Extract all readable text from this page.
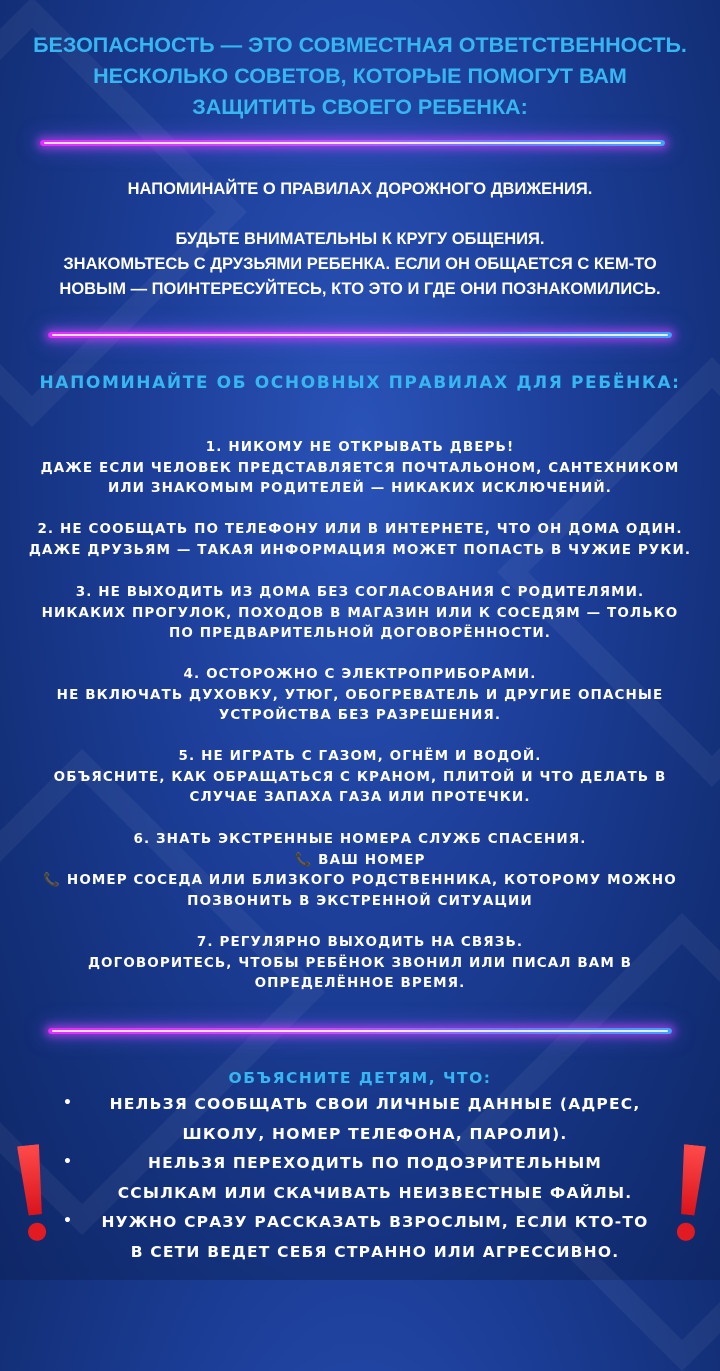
БЕЗОПАСНОСТЬ — ЭТО СОВМЕСТНАЯ ОТВЕТСТВЕННОСТЬ.
НЕСКОЛЬКО СОВЕТОВ, КОТОРЫЕ ПОМОГУТ ВАМ
ЗАЩИТИТЬ СВОЕГО РЕБЕНКА:
НАПОМИНАЙТЕ О ПРАВИЛАХ ДОРОЖНОГО ДВИЖЕНИЯ.
БУДЬТЕ ВНИМАТЕЛЬНЫ К КРУГУ ОБЩЕНИЯ.
ЗНАКОМЬТЕСЬ С ДРУЗЬЯМИ РЕБЕНКА. ЕСЛИ ОН ОБЩАЕТСЯ С КЕМ-ТО
НОВЫМ — ПОИНТЕРЕСУЙТЕСЬ, КТО ЭТО И ГДЕ ОНИ ПОЗНАКОМИЛИСЬ.
НАПОМИНАЙТЕ ОБ ОСНОВНЫХ ПРАВИЛАХ ДЛЯ РЕБЁНКА:
1. НИКОМУ НЕ ОТКРЫВАТЬ ДВЕРЬ!
ДАЖЕ ЕСЛИ ЧЕЛОВЕК ПРЕДСТАВЛЯЕТСЯ ПОЧТАЛЬОНОМ, САНТЕХНИКОМ
ИЛИ ЗНАКОМЫМ РОДИТЕЛЕЙ — НИКАКИХ ИСКЛЮЧЕНИЙ.
2. НЕ СООБЩАТЬ ПО ТЕЛЕФОНУ ИЛИ В ИНТЕРНЕТЕ, ЧТО ОН ДОМА ОДИН.
ДАЖЕ ДРУЗЬЯМ — ТАКАЯ ИНФОРМАЦИЯ МОЖЕТ ПОПАСТЬ В ЧУЖИЕ РУКИ.
3. НЕ ВЫХОДИТЬ ИЗ ДОМА БЕЗ СОГЛАСОВАНИЯ С РОДИТЕЛЯМИ.
НИКАКИХ ПРОГУЛОК, ПОХОДОВ В МАГАЗИН ИЛИ К СОСЕДЯМ — ТОЛЬКО
ПО ПРЕДВАРИТЕЛЬНОЙ ДОГОВОРЁННОСТИ.
4. ОСТОРОЖНО С ЭЛЕКТРОПРИБОРАМИ.
НЕ ВКЛЮЧАТЬ ДУХОВКУ, УТЮГ, ОБОГРЕВАТЕЛЬ И ДРУГИЕ ОПАСНЫЕ
УСТРОЙСТВА БЕЗ РАЗРЕШЕНИЯ.
5. НЕ ИГРАТЬ С ГАЗОМ, ОГНЁМ И ВОДОЙ.
ОБЪЯСНИТЕ, КАК ОБРАЩАТЬСЯ С КРАНОМ, ПЛИТОЙ И ЧТО ДЕЛАТЬ В
СЛУЧАЕ ЗАПАХА ГАЗА ИЛИ ПРОТЕЧКИ.
6. ЗНАТЬ ЭКСТРЕННЫЕ НОМЕРА СЛУЖБ СПАСЕНИЯ.
📞 ВАШ НОМЕР
📞 НОМЕР СОСЕДА ИЛИ БЛИЗКОГО РОДСТВЕННИКА, КОТОРОМУ МОЖНО
ПОЗВОНИТЬ В ЭКСТРЕННОЙ СИТУАЦИИ
7. РЕГУЛЯРНО ВЫХОДИТЬ НА СВЯЗЬ.
ДОГОВОРИТЕСЬ, ЧТОБЫ РЕБЁНОК ЗВОНИЛ ИЛИ ПИСАЛ ВАМ В
ОПРЕДЕЛЁННОЕ ВРЕМЯ.
ОБЪЯСНИТЕ ДЕТЯМ, ЧТО:
•	НЕЛЬЗЯ СООБЩАТЬ СВОИ ЛИЧНЫЕ ДАННЫЕ (АДРЕС,
ШКОЛУ, НОМЕР ТЕЛЕФОНА, ПАРОЛИ).
•	НЕЛЬЗЯ ПЕРЕХОДИТЬ ПО ПОДОЗРИТЕЛЬНЫМ
ССЫЛКАМ ИЛИ СКАЧИВАТЬ НЕИЗВЕСТНЫЕ ФАЙЛЫ.
•	НУЖНО СРАЗУ РАССКАЗАТЬ ВЗРОСЛЫМ, ЕСЛИ КТО-ТО
В СЕТИ ВЕДЕТ СЕБЯ СТРАННО ИЛИ АГРЕССИВНО.
